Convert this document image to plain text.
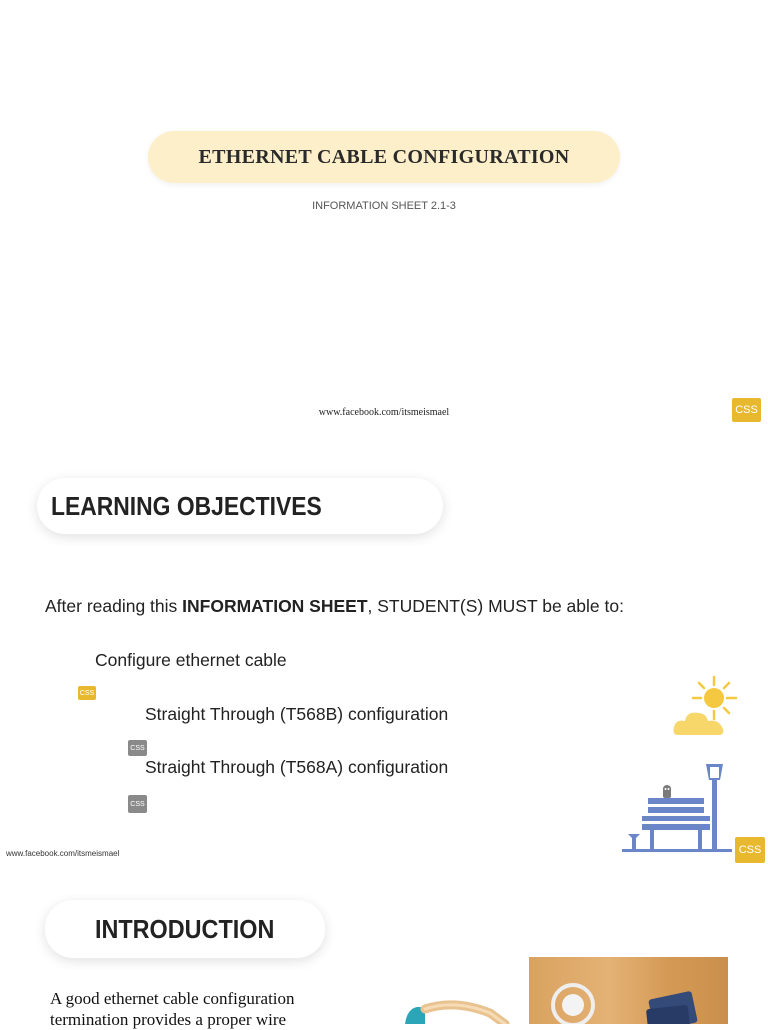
ETHERNET CABLE CONFIGURATION
INFORMATION SHEET 2.1-3
www.facebook.com/itsmeismael	CSS
LEARNING OBJECTIVES
After reading this INFORMATION SHEET, STUDENT(S) MUST be able to:
Configure ethernet cable
CSS
Straight Through (T568B) configuration
CSS
Straight Through (T568A) configuration
CSS
www.facebook.com/itsmeismael	CSS
INTRODUCTION
A good ethernet cable configuration termination provides a proper wire
